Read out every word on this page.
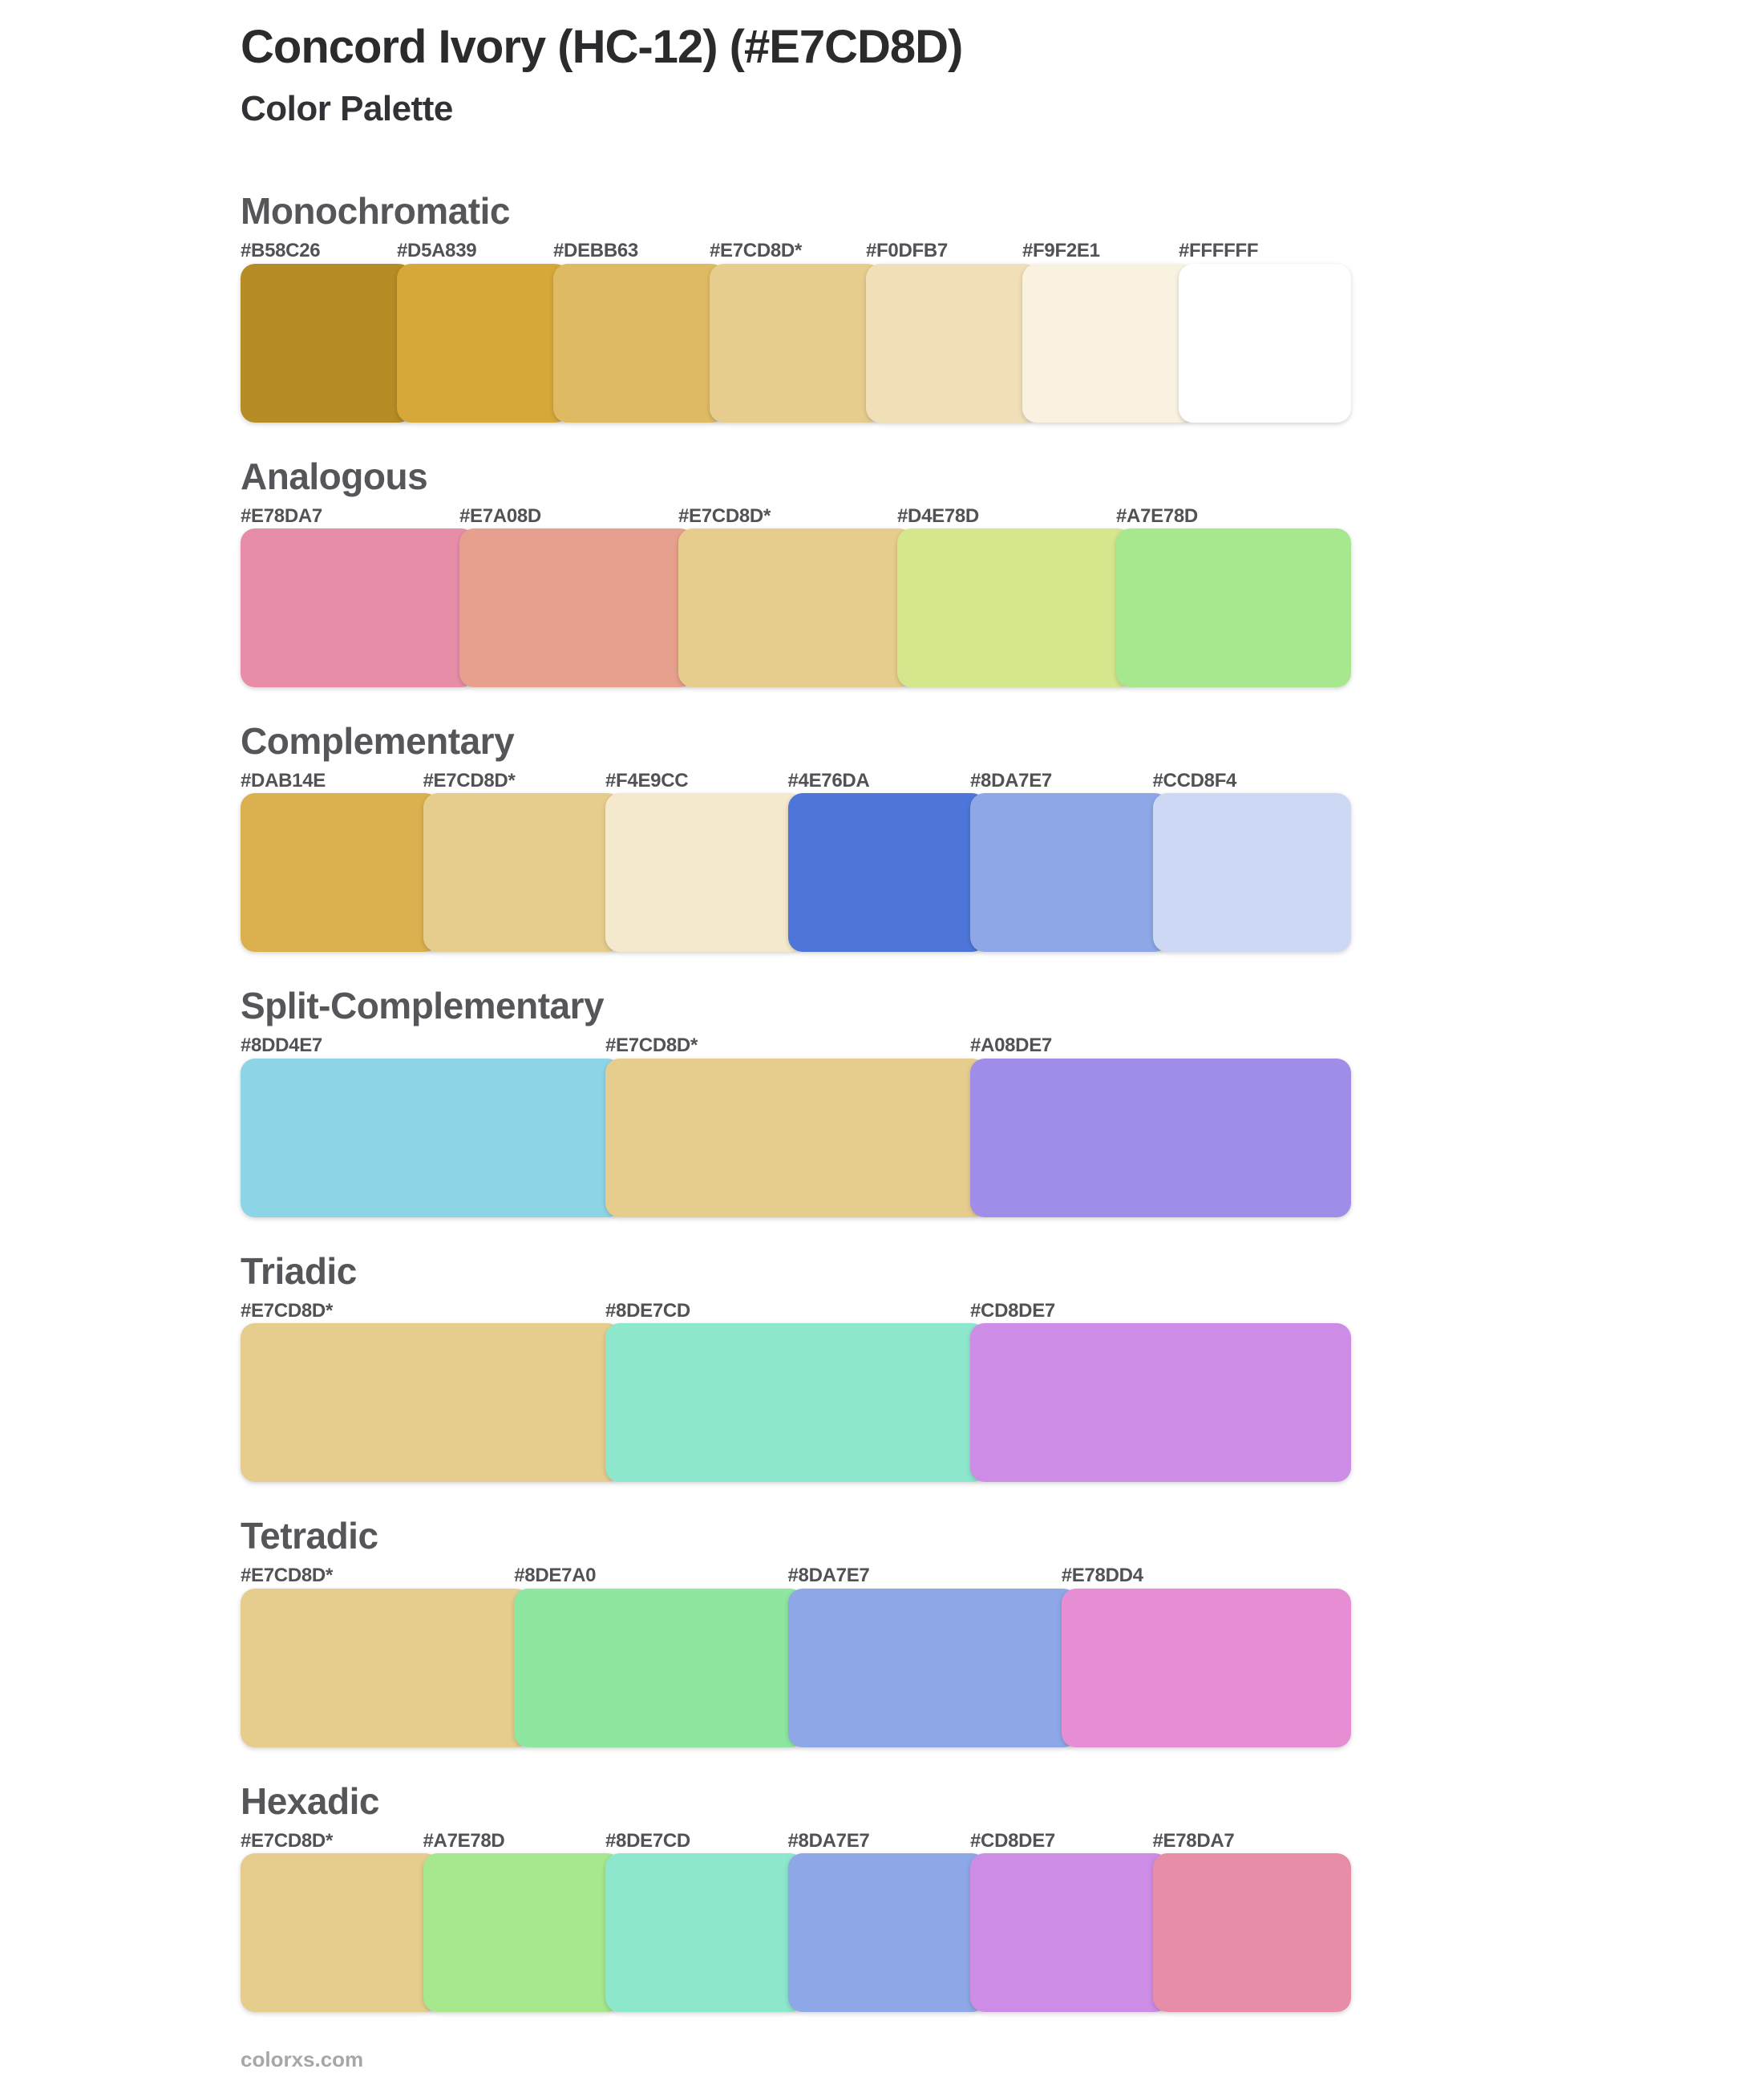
Concord Ivory (HC-12) (#E7CD8D)
Color Palette
Monochromatic
#B58C26	#D5A839	#DEBB63	#E7CD8D*	#F0DFB7	#F9F2E1	#FFFFFF
Analogous
#E78DA7	#E7A08D	#E7CD8D*	#D4E78D	#A7E78D
Complementary
#DAB14E	#E7CD8D*	#F4E9CC	#4E76DA	#8DA7E7	#CCD8F4
Split-Complementary
#8DD4E7	#E7CD8D*	#A08DE7
Triadic
#E7CD8D*	#8DE7CD	#CD8DE7
Tetradic
#E7CD8D*	#8DE7A0	#8DA7E7	#E78DD4
Hexadic
#E7CD8D*	#A7E78D	#8DE7CD	#8DA7E7	#CD8DE7	#E78DA7
colorxs.com
